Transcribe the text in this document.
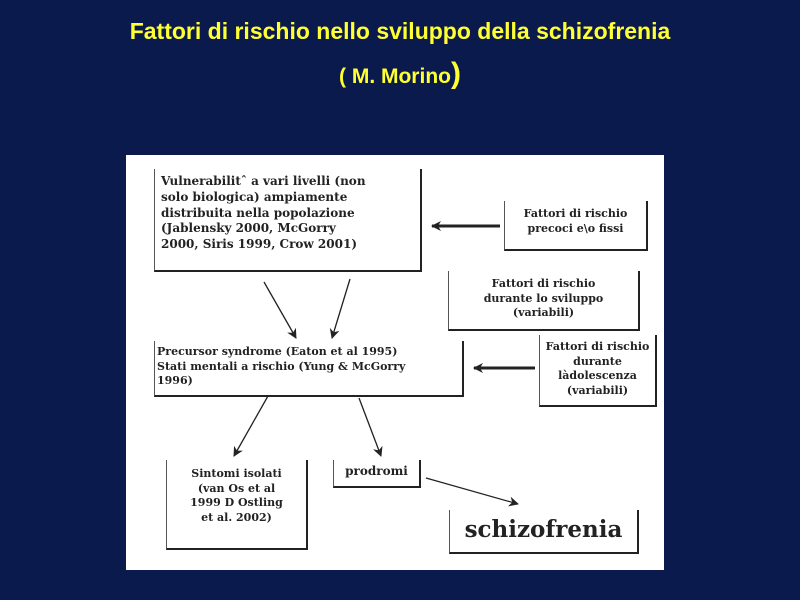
Fattori di rischio nello sviluppo della schizofrenia
( M. Morino)
Vulnerabilitˆ a vari livelli (non
solo biologica) ampiamente
distribuita nella popolazione
(Jablensky 2000, McGorry
2000, Siris 1999, Crow 2001)
Fattori di rischio
precoci e\o fissi
Fattori di rischio
durante lo sviluppo
(variabili)
Precursor syndrome (Eaton et al 1995)
Stati mentali a rischio (Yung & McGorry
1996)
Fattori di rischio
durante
làdolescenza
(variabili)
Sintomi isolati
(van Os et al
1999 D Ostling
et al. 2002)
prodromi
schizofrenia
